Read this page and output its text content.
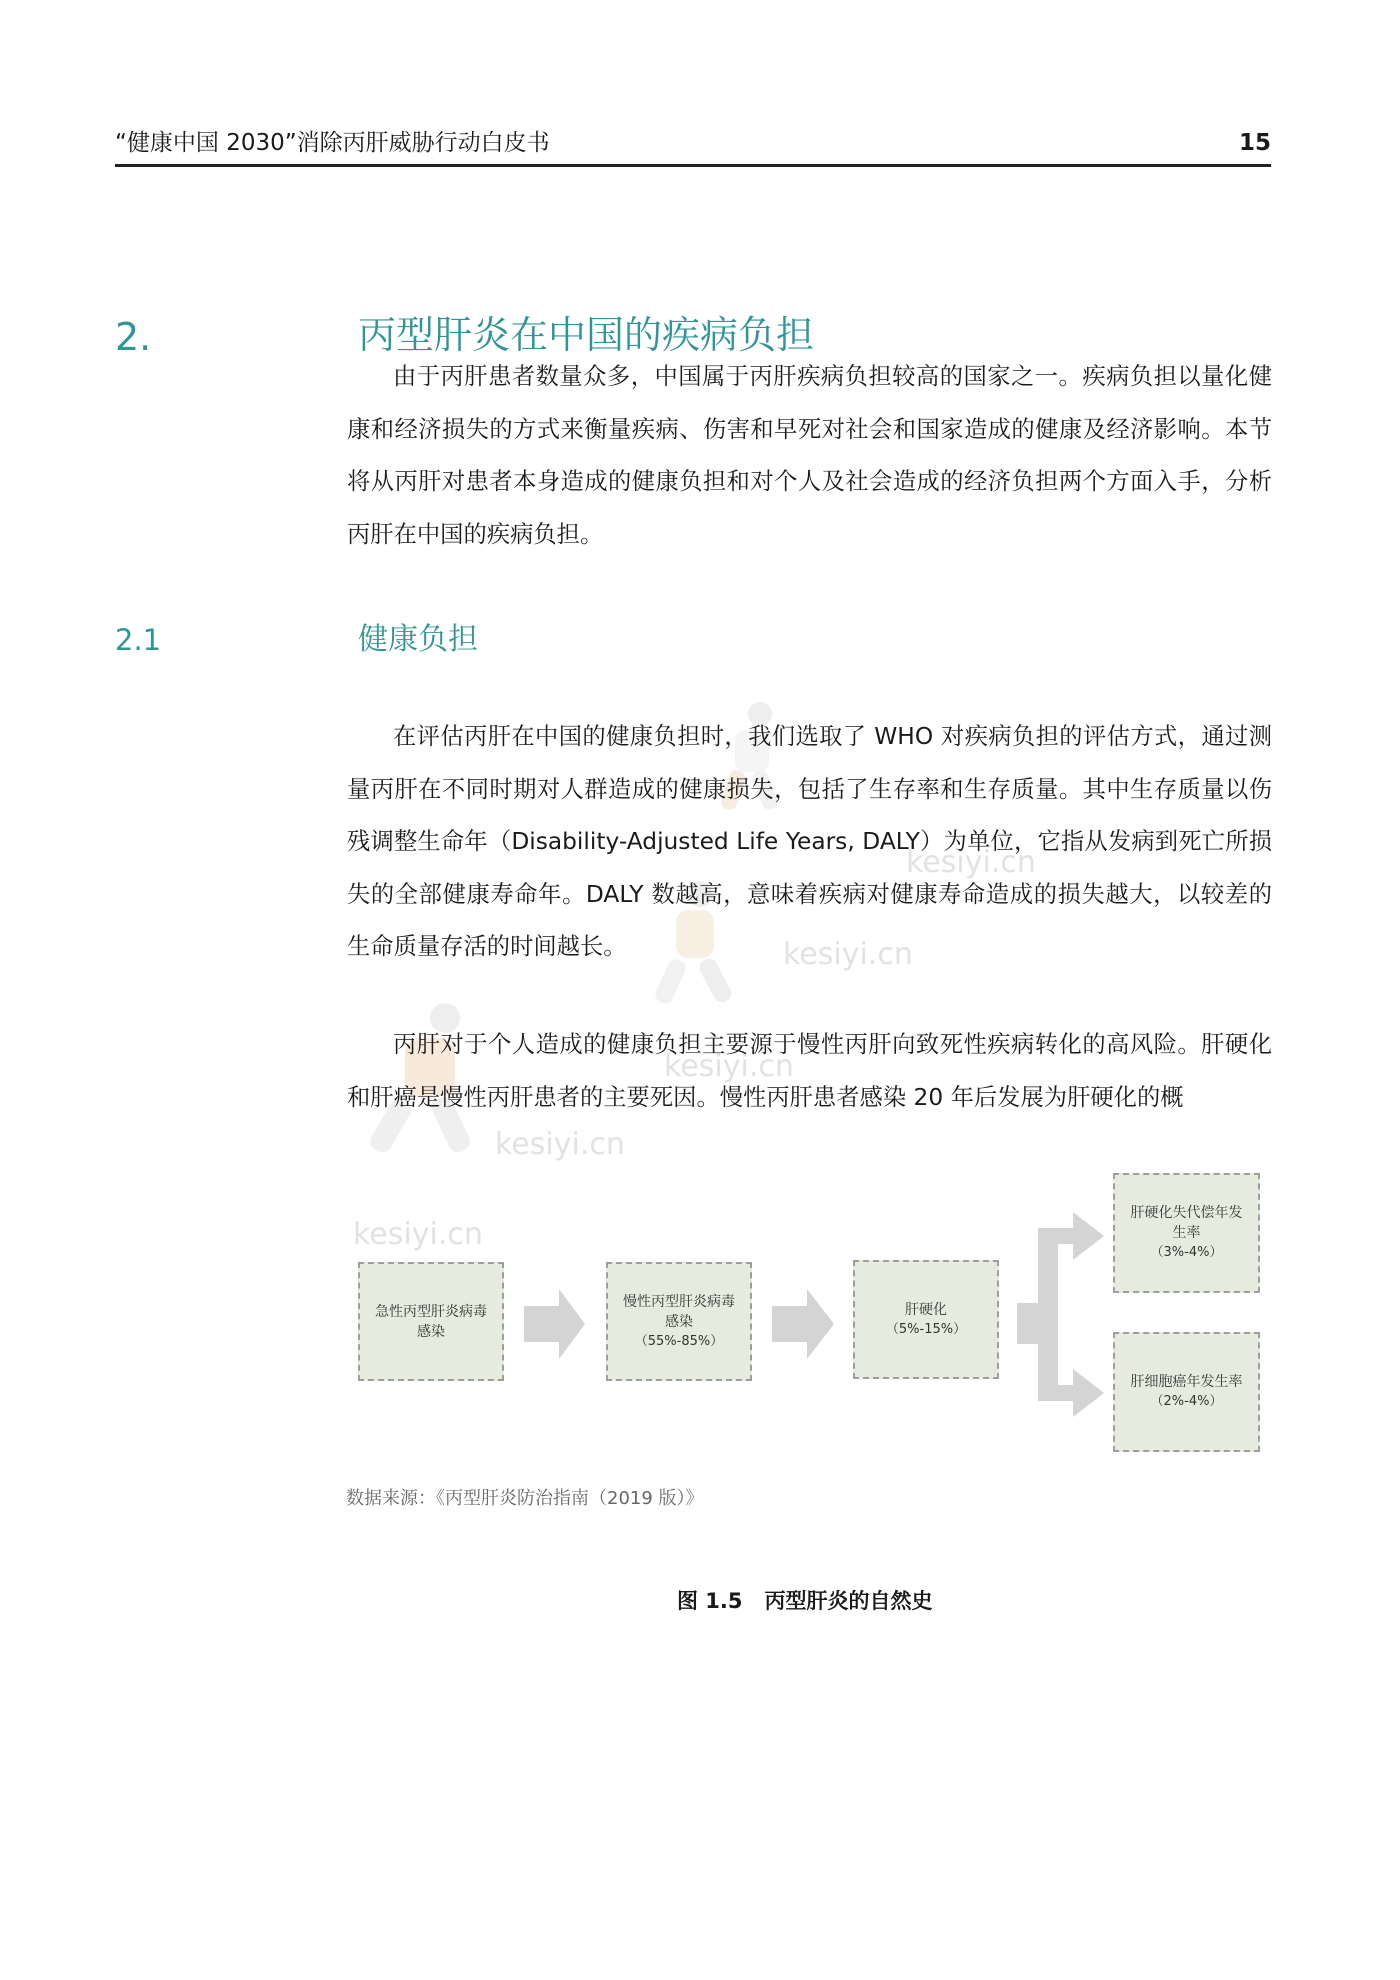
kesiyi.cn
kesiyi.cn
kesiyi.cn
kesiyi.cn
kesiyi.cn
“健康中国 2030”消除丙肝威胁行动白皮书	15
2.	丙型肝炎在中国的疾病负担

由于丙肝患者数量众多，中国属于丙肝疾病负担较高的国家之一。疾病负担以量化健康和经济损失的方式来衡量疾病、伤害和早死对社会和国家造成的健康及经济影响。本节将从丙肝对患者本身造成的健康负担和对个人及社会造成的经济负担两个方面入手，分析丙肝在中国的疾病负担。

2.1	健康负担

在评估丙肝在中国的健康负担时，我们选取了 WHO 对疾病负担的评估方式，通过测量丙肝在不同时期对人群造成的健康损失，包括了生存率和生存质量。其中生存质量以伤残调整生命年（Disability-Adjusted Life Years, DALY）为单位，它指从发病到死亡所损失的全部健康寿命年。DALY 数越高，意味着疾病对健康寿命造成的损失越大，以较差的生命质量存活的时间越长。

丙肝对于个人造成的健康负担主要源于慢性丙肝向致死性疾病转化的高风险。肝硬化和肝癌是慢性丙肝患者的主要死因。慢性丙肝患者感染 20 年后发展为肝硬化的概

急性丙型肝炎病毒感染
慢性丙型肝炎病毒感染
（55%-85%）
肝硬化
（5%-15%）
肝硬化失代偿年发生率
（3%-4%）
肝细胞癌年发生率
（2%-4%）
数据来源：《丙型肝炎防治指南（2019 版）》
图 1.5 丙型肝炎的自然史
